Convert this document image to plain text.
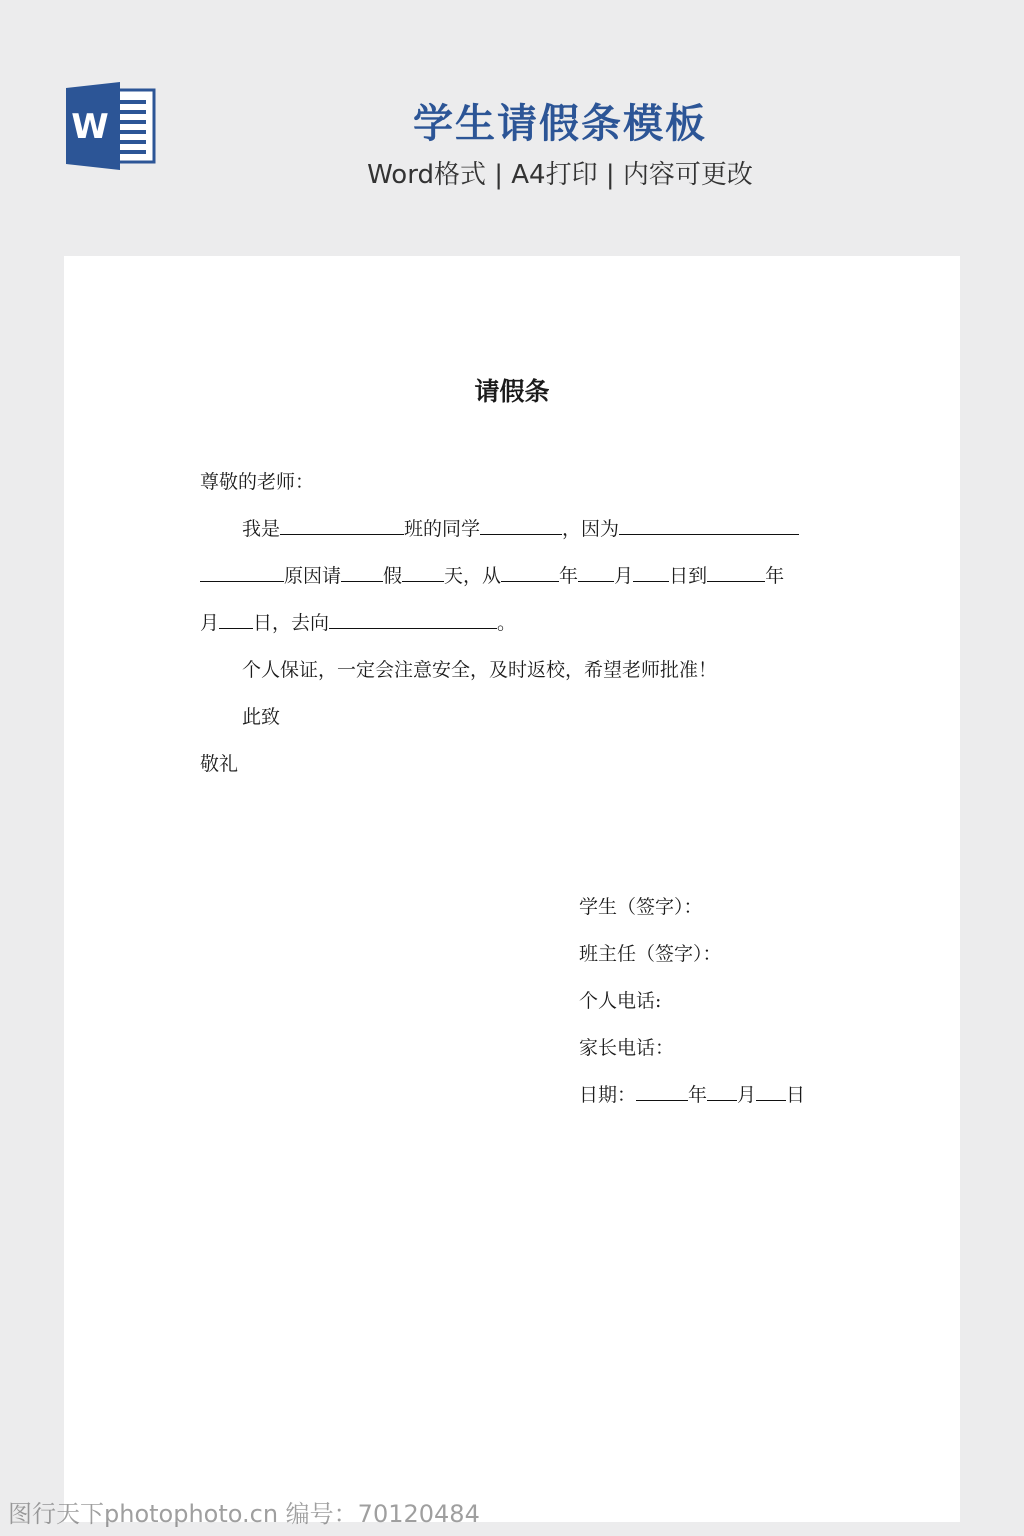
W	学生请假条模板
Word格式 | A4打印 | 内容可更改
请假条
尊敬的老师：
我是	班的同学	，因为
原因请 假 天，从	年 月 日到	年
月 日，去向	。
个人保证，一定会注意安全，及时返校，希望老师批准！
此致
敬礼
学生（签字）：
班主任（签字）：
个人电话:
家长电话：
日期：	年 月 日
图行天下photophoto.cn 编号：70120484
